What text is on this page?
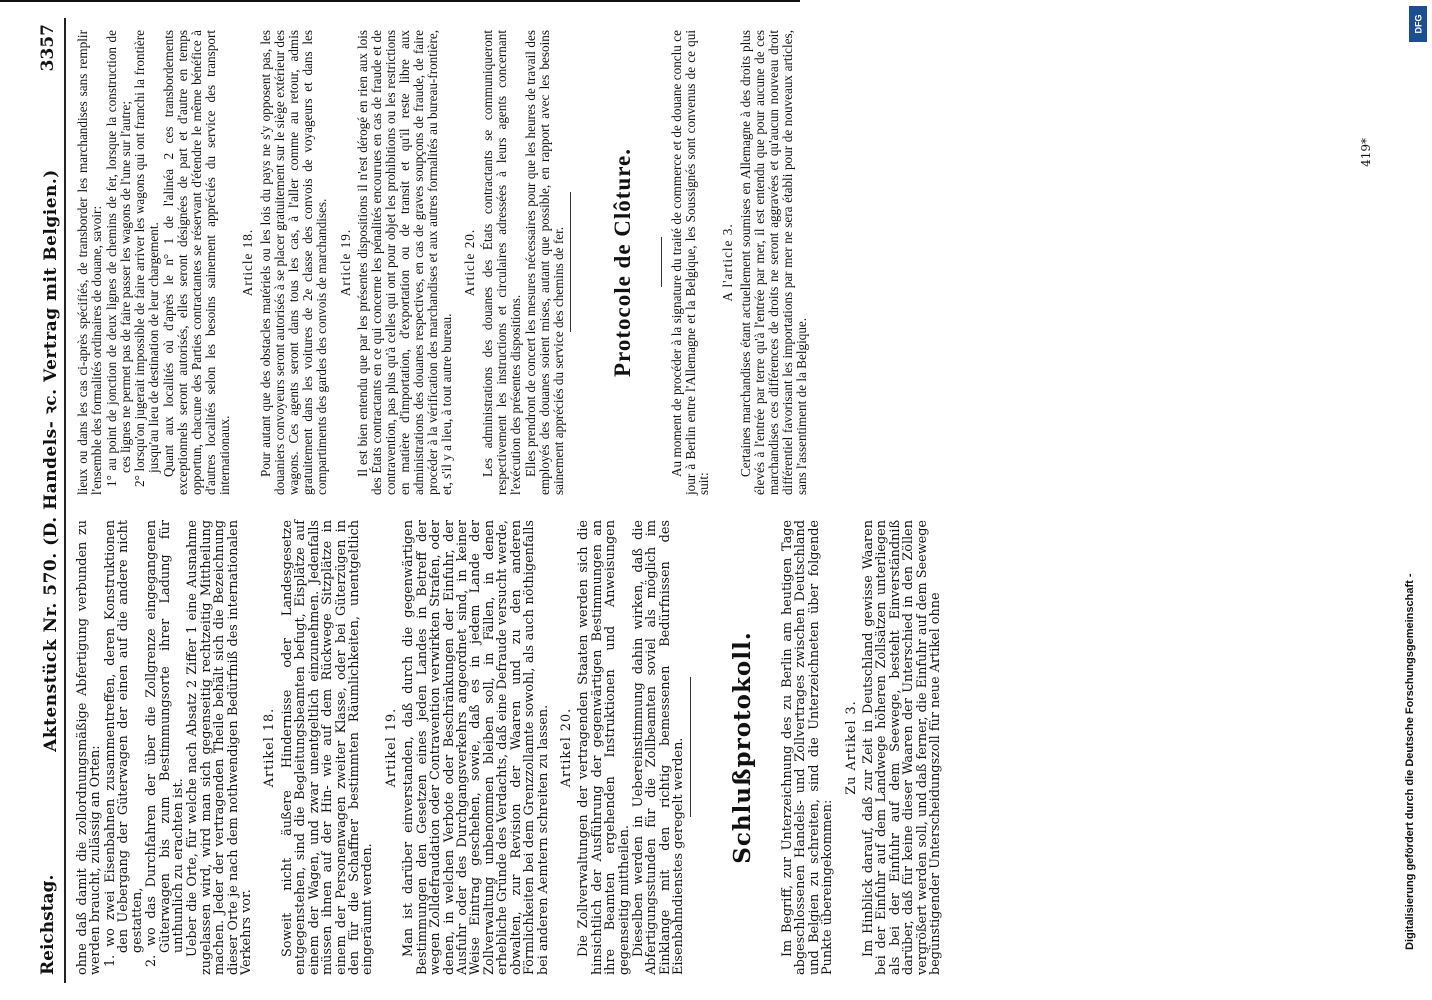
Reichstag.
Aktenstück Nr. 570. (D. Handels- ꝛc. Vertrag mit Belgien.)
3357

ohne daß damit die zollordnungsmäßige Abfertigung verbunden zu werden braucht, zulässig an Orten: 1. wo zwei Eisenbahnen zusammentreffen, deren Konstruktionen den Uebergang der Güterwagen der einen auf die andere nicht gestatten, 2. wo das Durchfahren der über die Zollgrenze eingegangenen Güterwagen bis zum Bestimmungsorte ihrer Ladung für unthunlich zu erachten ist. Ueber die Orte, für welche nach Absatz 2 Ziffer 1 eine Ausnahme zugelassen wird, wird man sich gegenseitig rechtzeitig Mittheilung machen. Jeder der vertragenden Theile behält sich die Bezeichnung dieser Orte je nach dem nothwendigen Bedürfniß des internationalen Verkehrs vor.

Artikel 18. Soweit nicht äußere Hindernisse oder Landesgesetze entgegenstehen, sind die Begleitungsbeamten befugt, Eisplätze auf einem der Wagen, und zwar unentgeltlich einzunehmen. Jedenfalls müssen ihnen auf der Hin- wie auf dem Rückwege Sitzplätze in einem der Personenwagen zweiter Klasse, oder bei Güterzügen in den für die Schaffner bestimmten Räumlichkeiten, unentgeltlich eingeräumt werden.

Artikel 19. Man ist darüber einverstanden, daß durch die gegenwärtigen Bestimmungen den Gesetzen eines jeden Landes in Betreff der wegen Zolldefraudation oder Contravention verwirkten Strafen, oder denen, in welchen Verbote oder Beschränkungen der Einfuhr, der Ausfuhr oder des Durchgangsverkehrs angeordnet sind, in keiner Weise Eintrag geschehen, sowie, daß es in jedem Lande der Zollverwaltung unbenommen bleiben soll, in Fällen, in denen erhebliche Gründe des Verdachts, daß eine Defraude versucht werde, obwalten, zur Revision der Waaren und zu den anderen Förmlichkeiten bei dem Grenzzollamte sowohl, als auch nöthigenfalls bei anderen Aemtern schreiten zu lassen. Artikel 20. Die Zollverwaltungen der vertragenden Staaten werden sich die hinsichtlich der Ausführung der gegenwärtigen Bestimmungen an ihre Beamten ergehenden Instruktionen und Anweisungen gegenseitig mittheilen. Dieselben werden in Uebereinstimmung dahin wirken, daß die Abfertigungsstunden für die Zollbeamten soviel als möglich im Einklange mit den richtig bemessenen Bedürfnissen des Eisenbahndienstes geregelt werden. Schlußprotokoll. Im Begriff, zur Unterzeichnung des zu Berlin am heutigen Tage abgeschlossenen Handels- und Zollvertrages zwischen Deutschland und Belgien zu schreiten, sind die Unterzeichneten über folgende Punkte übereingekommen:

Zu Artikel 3. Im Hinblick darauf, daß zur Zeit in Deutschland gewisse Waaren bei der Einfuhr auf dem Landwege höheren Zollsätzen unterliegen als bei der Einfuhr auf dem Seewege, besteht Einverständniß darüber, daß für keine dieser Waaren der Unterschied in den Zöllen vergrößert werden soll, und daß ferner, die Einfuhr auf dem Seewege begünstigender Unterscheidungszoll für neue Artikel ohne

lieux ou dans les cas ci-après spécifiés, de transborder les marchandises sans remplir l'ensemble des formalités ordinaires de douane, savoir: 1° au point de jonction de deux lignes de chemins de fer, lorsque la construction de ces lignes ne permet pas de faire passer les wagons de l'une sur l'autre; 2° lorsqu'on jugerait impossible de faire arriver les wagons qui ont franchi la frontière jusqu'au lieu de destination de leur chargement. Quant aux localités où d'après le n° 1 de l'alinéa 2 ces transbordements exceptionnels seront autorisés, elles seront désignées de part et d'autre en temps opportun, chacune des Parties contractantes se réservant d'étendre le même bénéfice à d'autres localités selon les besoins sainement appréciés du service des transport internationaux.

Article 18. Pour autant que des obstacles matériels ou les lois du pays ne s'y opposent pas, les douaniers convoyeurs seront autorisés à se placer gratuitement sur le siège extérieur des wagons. Ces agents seront dans tous les cas, à l'aller comme au retour, admis gratuitement dans les voitures de 2e classe des convois de voyageurs et dans les compartiments des gardes des convois de marchandises. Article 19. Il est bien entendu que par les présentes dispositions il n'est dérogé en rien aux lois des États contractants en ce qui concerne les pénalités encourues en cas de fraude et de contravention, pas plus qu'à celles qui ont pour objet les prohibitions ou les restrictions en matière d'importation, d'exportation ou de transit et qu'il reste libre aux administrations des douanes respectives, en cas de graves soupçons de fraude, de faire procéder à la vérification des marchandises et aux autres formalités au bureau-frontière, et, s'il y a lieu, à tout autre bureau.

Article 20. Les administrations des douanes des États contractants se communiqueront respectivement les instructions et circulaires adressées à leurs agents concernant l'exécution des présentes dispositions. Elles prendront de concert les mesures nécessaires pour que les heures de travail des employés des douanes soient mises, autant que possible, en rapport avec les besoins sainement appréciés du service des chemins de fer. Protocole de Clôture.	Au moment de procéder à la signature du traité de commerce et de douane conclu ce jour à Berlin entre l'Allemagne et la Belgique, les Soussignés sont convenus de ce qui suit:

A l'article 3. Certaines marchandises étant actuellement soumises en Allemagne à des droits plus élevés à l'entrée par terre qu'à l'entrée par mer, il est entendu que pour aucune de ces marchandises ces différences de droits ne seront aggravées et qu'aucun nouveau droit différentiel favorisant les importations par mer ne sera établi pour de nouveaux articles, sans l'assentiment de la Belgique.

419*
Digitalisierung gefördert durch die Deutsche Forschungsgemeinschaft -
DFG
